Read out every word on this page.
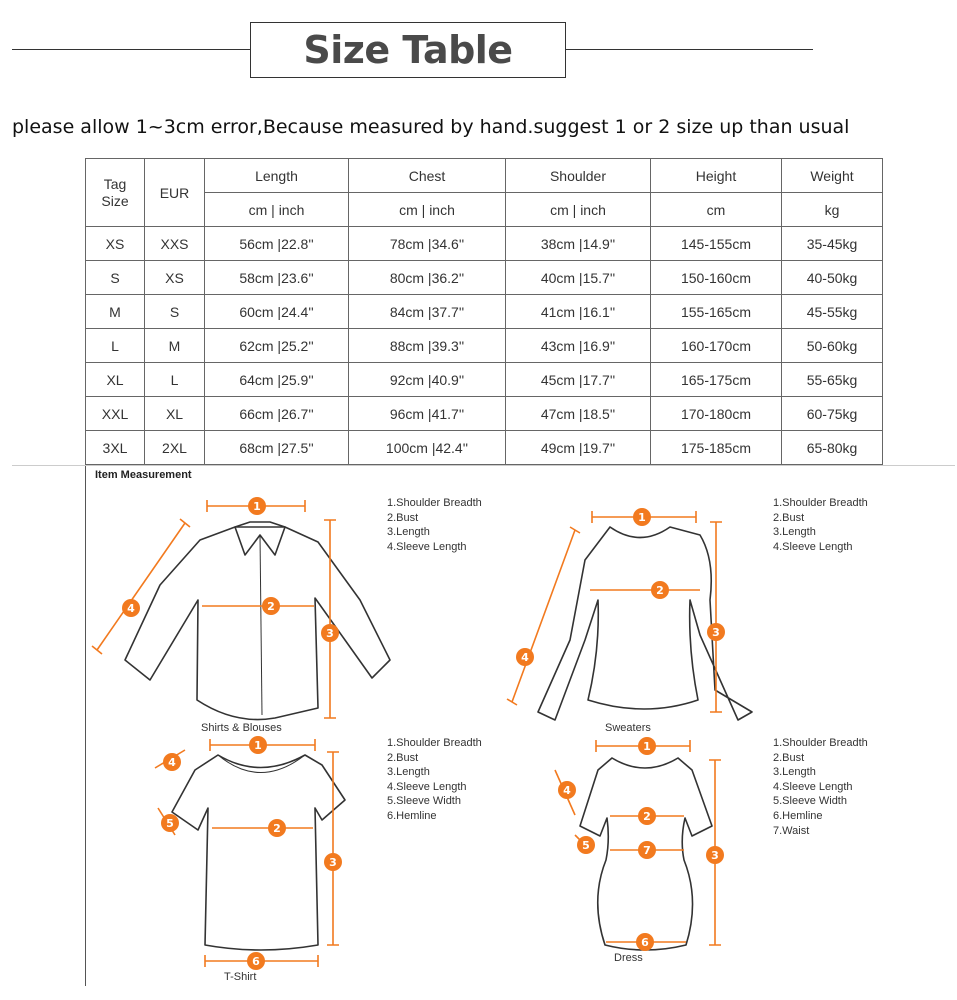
Size Table
please allow 1~3cm error,Because measured by hand.suggest 1 or 2 size up than usual
Tag Size	EUR	Length	Chest	Shoulder	Height	Weight
		cm | inch	cm | inch	cm | inch	cm	kg
XS	XXS	56cm |22.8''	78cm |34.6''	38cm |14.9''	145-155cm	35-45kg
S	XS	58cm |23.6''	80cm |36.2''	40cm |15.7''	150-160cm	40-50kg
M	S	60cm |24.4''	84cm |37.7''	41cm |16.1''	155-165cm	45-55kg
L	M	62cm |25.2''	88cm |39.3''	43cm |16.9''	160-170cm	50-60kg
XL	L	64cm |25.9''	92cm |40.9''	45cm |17.7''	165-175cm	55-65kg
XXL	XL	66cm |26.7''	96cm |41.7''	47cm |18.5''	170-180cm	60-75kg
3XL	2XL	68cm |27.5''	100cm |42.4''	49cm |19.7''	175-185cm	65-80kg
Item Measurement
1
2
3
4
1
2
3
4
1
2
3
4
5
6
1
2
7	3
4
5
6
Shirts & Blouses	Sweaters
T-Shirt
Dress
1.Shoulder Breadth
2.Bust
3.Length
4.Sleeve Length
1.Shoulder Breadth
2.Bust
3.Length
4.Sleeve Length
1.Shoulder Breadth
2.Bust
3.Length
4.Sleeve Length
5.Sleeve Width
6.Hemline
1.Shoulder Breadth
2.Bust
3.Length
4.Sleeve Length
5.Sleeve Width
6.Hemline
7.Waist
